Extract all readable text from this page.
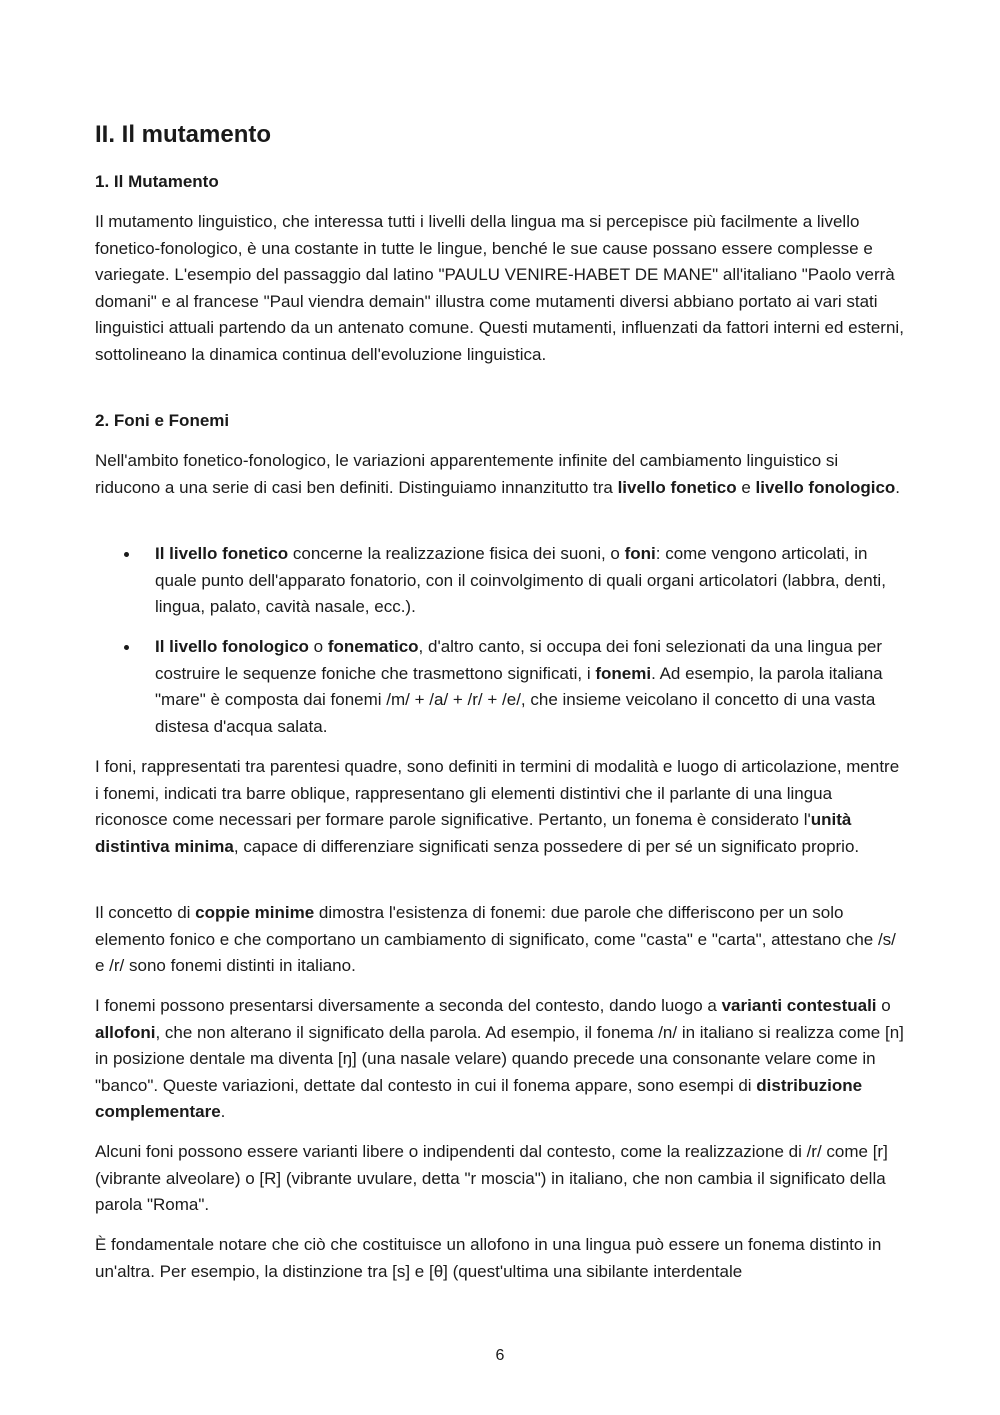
II. Il mutamento
1. Il Mutamento

Il mutamento linguistico, che interessa tutti i livelli della lingua ma si percepisce più facilmente a livello fonetico-fonologico, è una costante in tutte le lingue, benché le sue cause possano essere complesse e variegate. L'esempio del passaggio dal latino "PAULU VENIRE-HABET DE MANE" all'italiano "Paolo verrà domani" e al francese "Paul viendra demain" illustra come mutamenti diversi abbiano portato ai vari stati linguistici attuali partendo da un antenato comune. Questi mutamenti, influenzati da fattori interni ed esterni, sottolineano la dinamica continua dell'evoluzione linguistica.

2. Foni e Fonemi

Nell'ambito fonetico-fonologico, le variazioni apparentemente infinite del cambiamento linguistico si riducono a una serie di casi ben definiti. Distinguiamo innanzitutto tra livello fonetico e livello fonologico.

Il livello fonetico concerne la realizzazione fisica dei suoni, o foni: come vengono articolati, in quale punto dell'apparato fonatorio, con il coinvolgimento di quali organi articolatori (labbra, denti, lingua, palato, cavità nasale, ecc.).
Il livello fonologico o fonematico, d'altro canto, si occupa dei foni selezionati da una lingua per costruire le sequenze foniche che trasmettono significati, i fonemi. Ad esempio, la parola italiana "mare" è composta dai fonemi /m/ + /a/ + /r/ + /e/, che insieme veicolano il concetto di una vasta distesa d'acqua salata.

I foni, rappresentati tra parentesi quadre, sono definiti in termini di modalità e luogo di articolazione, mentre i fonemi, indicati tra barre oblique, rappresentano gli elementi distintivi che il parlante di una lingua riconosce come necessari per formare parole significative. Pertanto, un fonema è considerato l'unità distintiva minima, capace di differenziare significati senza possedere di per sé un significato proprio.

Il concetto di coppie minime dimostra l'esistenza di fonemi: due parole che differiscono per un solo elemento fonico e che comportano un cambiamento di significato, come "casta" e "carta", attestano che /s/ e /r/ sono fonemi distinti in italiano.

I fonemi possono presentarsi diversamente a seconda del contesto, dando luogo a varianti contestuali o allofoni, che non alterano il significato della parola. Ad esempio, il fonema /n/ in italiano si realizza come [n] in posizione dentale ma diventa [ŋ] (una nasale velare) quando precede una consonante velare come in "banco". Queste variazioni, dettate dal contesto in cui il fonema appare, sono esempi di distribuzione complementare.

Alcuni foni possono essere varianti libere o indipendenti dal contesto, come la realizzazione di /r/ come [r] (vibrante alveolare) o [R] (vibrante uvulare, detta "r moscia") in italiano, che non cambia il significato della parola "Roma".

È fondamentale notare che ciò che costituisce un allofono in una lingua può essere un fonema distinto in un'altra. Per esempio, la distinzione tra [s] e [θ] (quest'ultima una sibilante interdentale

6
